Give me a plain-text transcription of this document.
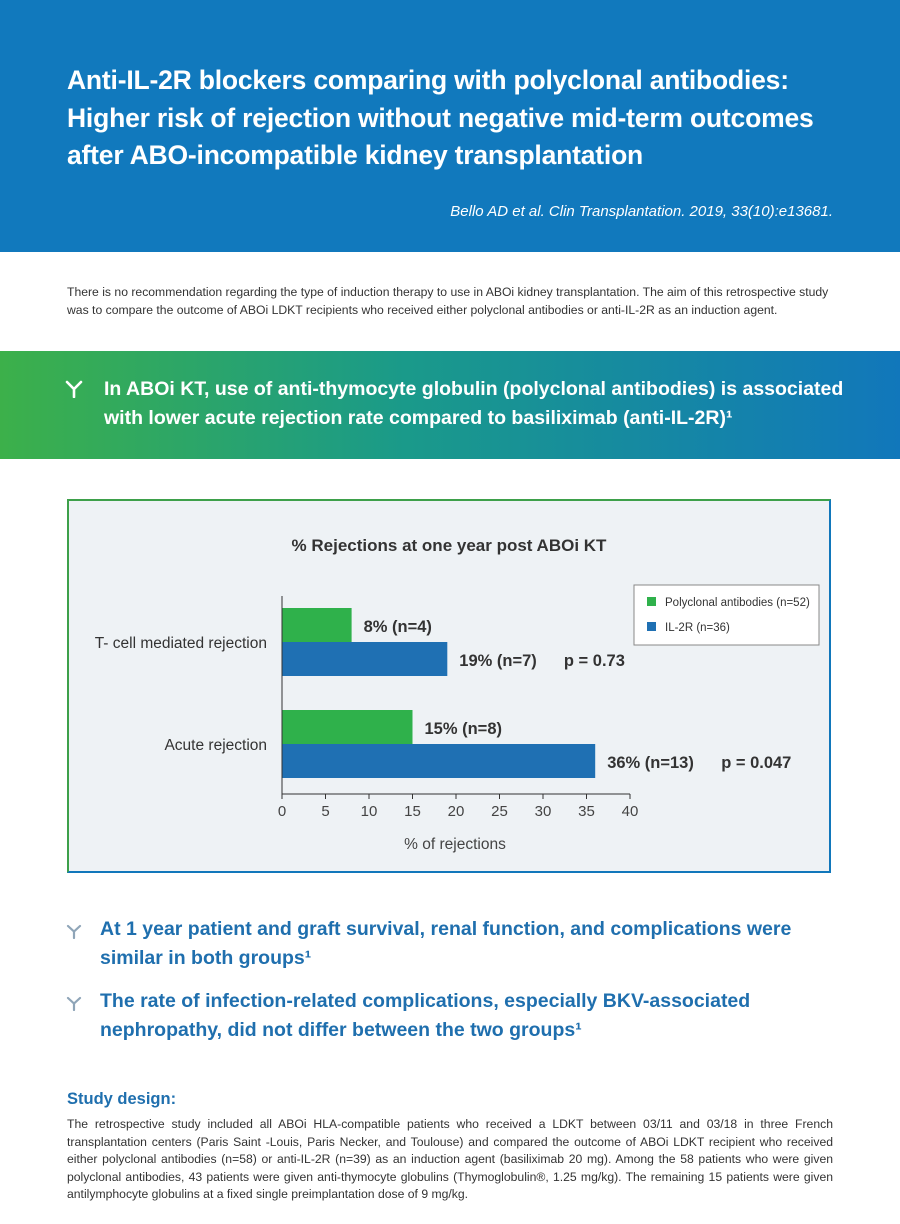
Anti-IL-2R blockers comparing with polyclonal antibodies: Higher risk of rejection without negative mid-term outcomes after ABO-incompatible kidney transplantation
Bello AD et al. Clin Transplantation. 2019, 33(10):e13681.

There is no recommendation regarding the type of induction therapy to use in ABOi kidney transplantation. The aim of this retrospective study was to compare the outcome of ABOi LDKT recipients who received either polyclonal antibodies or anti-IL-2R as an induction agent.

In ABOi KT, use of anti-thymocyte globulin (polyclonal antibodies) is associated with lower acute rejection rate compared to basiliximab (anti-IL-2R)¹

% Rejections at one year post ABOi KT
T- cell mediated rejection
8% (n=4)
19% (n=7) p = 0.73
Acute rejection
15% (n=8)
36% (n=13) p = 0.047
0 5 10 15 20 25 30 35 40
% of rejections
Polyclonal antibodies (n=52)
IL-2R (n=36)

At 1 year patient and graft survival, renal function, and complications were similar in both groups¹

The rate of infection-related complications, especially BKV-associated nephropathy, did not differ between the two groups¹

Study design:

The retrospective study included all ABOi HLA-compatible patients who received a LDKT between 03/11 and 03/18 in three French transplantation centers (Paris Saint -Louis, Paris Necker, and Toulouse) and compared the outcome of ABOi LDKT recipient who received either polyclonal antibodies (n=58) or anti-IL-2R (n=39) as an induction agent (basiliximab 20 mg). Among the 58 patients who were given polyclonal antibodies, 43 patients were given anti-thymocyte globulins (Thymoglobulin®, 1.25 mg/kg). The remaining 15 patients were given antilymphocyte globulins at a fixed single preimplantation dose of 9 mg/kg.
